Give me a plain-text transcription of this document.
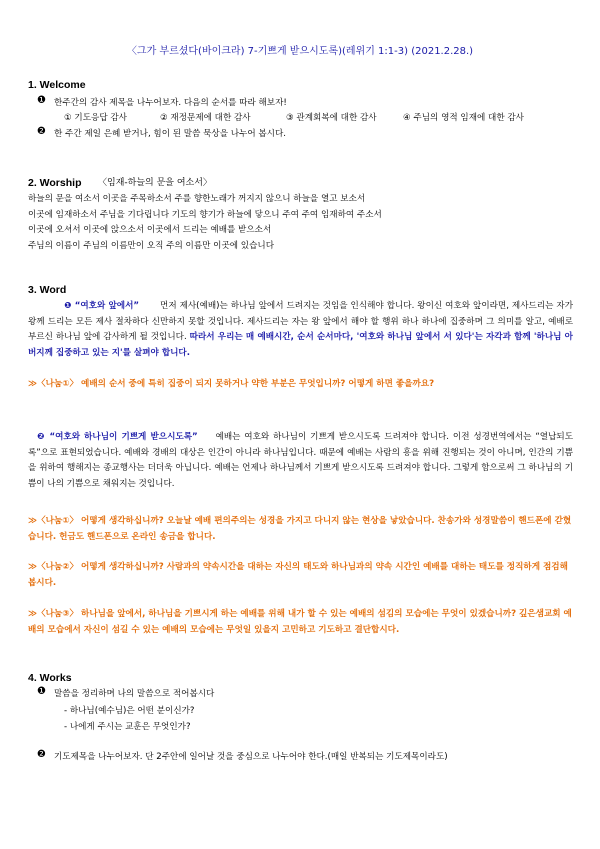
〈그가 부르셨다(바이크라) 7-기쁘게 받으시도록)(레위기 1:1-3) (2021.2.28.)
1. Welcome
❶ 한주간의 감사 제목을 나누어보자. 다음의 순서를 따라 해보자!
① 기도응답 감사	② 재정문제에 대한 감사	③ 관계회복에 대한 감사	④ 주님의 영적 임재에 대한 감사
❷ 한 주간 제일 은혜 받거나, 힘이 된 말씀 묵상을 나누어 봅시다.
2. Worship 〈임재-하늘의 문을 여소서〉
하늘의 문을 여소서 이곳을 주목하소서 주를 향한노래가 꺼지지 않으니 하늘을 열고 보소서
이곳에 임재하소서 주님을 기다립니다 기도의 향기가 하늘에 닿으니 주여 주여 임재하여 주소서
이곳에 오셔서 이곳에 앉으소서 이곳에서 드리는 예배를 받으소서
주님의 이름이 주님의 이름만이 오직 주의 이름만 이곳에 있습니다
3. Word
❶ “여호와 앞에서” 먼저 제사(예배)는 하나님 앞에서 드려지는 것임을 인식해야 합니다. 왕이신 여호와 앞이라면, 제사드리는 자가 왕께 드리는 모든 제사 절차하다 신만하지 못할 것입니다. 제사드리는 자는 왕 앞에서 해야 할 행위 하나 하나에 집중하며 그 의미를 알고, 예배로 부르신 하나님 앞에 감사하게 될 것입니다. 따라서 우리는 매 예배시간, 순서 순서마다, '여호와 하나님 앞에서 서 있다'는 자각과 함께 '하나님 아버지께 집중하고 있는 지'를 살펴야 합니다.
≫〈나눔①〉 예배의 순서 중에 특히 집중이 되지 못하거나 약한 부분은 무엇입니까? 어떻게 하면 좋을까요?
❷ “여호와 하나님이 기쁘게 받으시도록” 예배는 여호와 하나님이 기쁘게 받으시도록 드려져야 합니다. 이전 성경번역에서는 “열납되도록”으로 표현되었습니다. 예배와 경배의 대상은 인간이 아니라 하나님입니다. 때문에 예배는 사람의 흥을 위해 진행되는 것이 아니며, 인간의 기쁨을 위하여 행해지는 종교행사는 더더욱 아닙니다. 예배는 언제나 하나님께서 기쁘게 받으시도록 드려져야 합니다. 그렇게 함으로써 그 하나님의 기쁨이 나의 기쁨으로 채워지는 것입니다.
≫〈나눔①〉 어떻게 생각하십니까? 오늘날 예배 편의주의는 성경을 가지고 다니지 않는 현상을 낳았습니다. 찬송가와 성경말씀이 핸드폰에 갇혔습니다. 헌금도 핸드폰으로 온라인 송금을 합니다.
≫〈나눔②〉 어떻게 생각하십니까? 사람과의 약속시간을 대하는 자신의 태도와 하나님과의 약속 시간인 예배를 대하는 태도를 정직하게 점검해 봅시다.
≫〈나눔③〉 하나님을 앞에서, 하나님을 기쁘시게 하는 예배를 위해 내가 할 수 있는 예배의 섬김의 모습에는 무엇이 있겠습니까? 깊은샘교회 예배의 모습에서 자신이 섬길 수 있는 예배의 모습에는 무엇일 있을지 고민하고 기도하고 결단합시다.
4. Works
❶ 말씀을 정리하며 나의 말씀으로 적어봅시다
- 하나님(예수님)은 어떤 분이신가?
- 나에게 주시는 교훈은 무엇인가?
❷ 기도제목을 나누어보자. 단 2주안에 일어날 것을 중심으로 나누어야 한다.(매일 반복되는 기도제목이라도)
